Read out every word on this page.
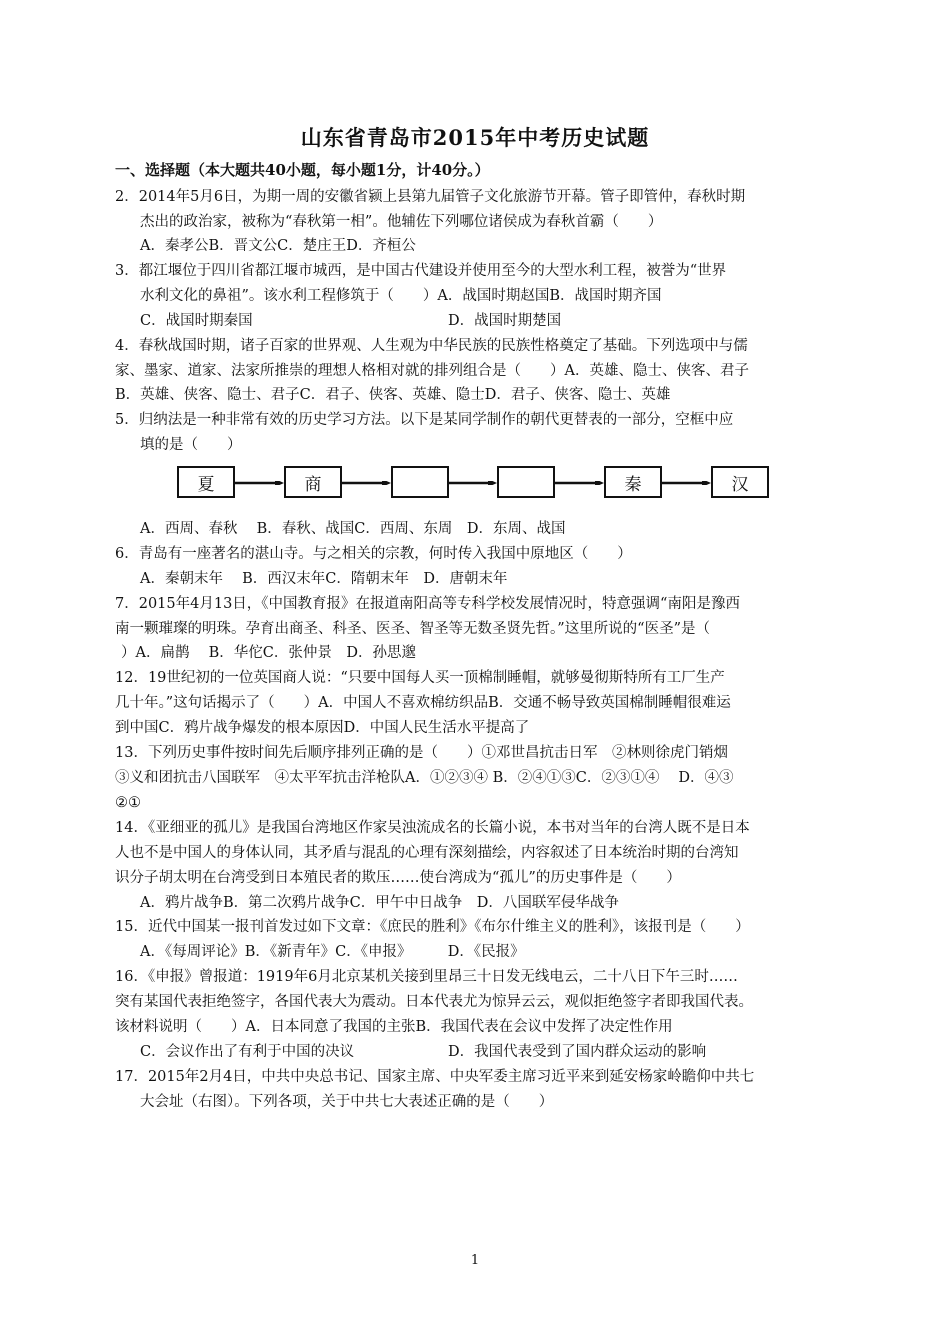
山东省青岛市2015年中考历史试题
一、选择题（本大题共40小题，每小题1分，计40分。）
2．2014年5月6日，为期一周的安徽省颍上县第九届管子文化旅游节开幕。管子即管仲，春秋时期
杰出的政治家，被称为“春秋第一相”。他辅佐下列哪位诸侯成为春秋首霸（　　）
A．秦孝公B．晋文公C．楚庄王D．齐桓公
3．都江堰位于四川省都江堰市城西，是中国古代建设并使用至今的大型水利工程，被誉为“世界
水利文化的鼻祖”。该水利工程修筑于（　　）A．战国时期赵国B．战国时期齐国
C．战国时期秦国	D．战国时期楚国
4．春秋战国时期，诸子百家的世界观、人生观为中华民族的民族性格奠定了基础。下列选项中与儒
家、墨家、道家、法家所推崇的理想人格相对就的排列组合是（　　）A．英雄、隐士、侠客、君子
B．英雄、侠客、隐士、君子C．君子、侠客、英雄、隐士D．君子、侠客、隐士、英雄
5．归纳法是一种非常有效的历史学习方法。以下是某同学制作的朝代更替表的一部分，空框中应
填的是（　　）
夏	商	秦	汉
A．西周、春秋　 B．春秋、战国C．西周、东周　D．东周、战国
6．青岛有一座著名的湛山寺。与之相关的宗教，何时传入我国中原地区（　　）
A．秦朝末年　 B．西汉末年C．隋朝末年　D．唐朝末年
7．2015年4月13日，《中国教育报》在报道南阳高等专科学校发展情况时，特意强调“南阳是豫西
南一颗璀璨的明珠。孕育出商圣、科圣、医圣、智圣等无数圣贤先哲。”这里所说的“医圣”是（
）A．扁鹊　 B．华佗C．张仲景　D．孙思邈
12．19世纪初的一位英国商人说：“只要中国每人买一顶棉制睡帽，就够曼彻斯特所有工厂生产
几十年。”这句话揭示了（　　）A．中国人不喜欢棉纺织品B．交通不畅导致英国棉制睡帽很难运
到中国C．鸦片战争爆发的根本原因D．中国人民生活水平提高了
13．下列历史事件按时间先后顺序排列正确的是（　　）①邓世昌抗击日军　②林则徐虎门销烟
③义和团抗击八国联军　④太平军抗击洋枪队A．①②③④ B．②④①③C．②③①④　 D．④③
②①
14．《亚细亚的孤儿》是我国台湾地区作家吴浊流成名的长篇小说，本书对当年的台湾人既不是日本
人也不是中国人的身体认同，其矛盾与混乱的心理有深刻描绘，内容叙述了日本统治时期的台湾知
识分子胡太明在台湾受到日本殖民者的欺压……使台湾成为“孤儿”的历史事件是（　　）
A．鸦片战争B．第二次鸦片战争C．甲午中日战争　D．八国联军侵华战争
15．近代中国某一报刊首发过如下文章：《庶民的胜利》《布尔什维主义的胜利》，该报刊是（　　）
A．《每周评论》B．《新青年》C．《申报》　　　D．《民报》
16．《申报》曾报道：1919年6月北京某机关接到里昂三十日发无线电云，二十八日下午三时……
突有某国代表拒绝签字，各国代表大为震动。日本代表尤为惊异云云，观似拒绝签字者即我国代表。
该材料说明（　　）A．日本同意了我国的主张B．我国代表在会议中发挥了决定性作用
C．会议作出了有利于中国的决议	D．我国代表受到了国内群众运动的影响
17．2015年2月4日，中共中央总书记、国家主席、中央军委主席习近平来到延安杨家岭瞻仰中共七
大会址（右图）。下列各项，关于中共七大表述正确的是（　　）
1
